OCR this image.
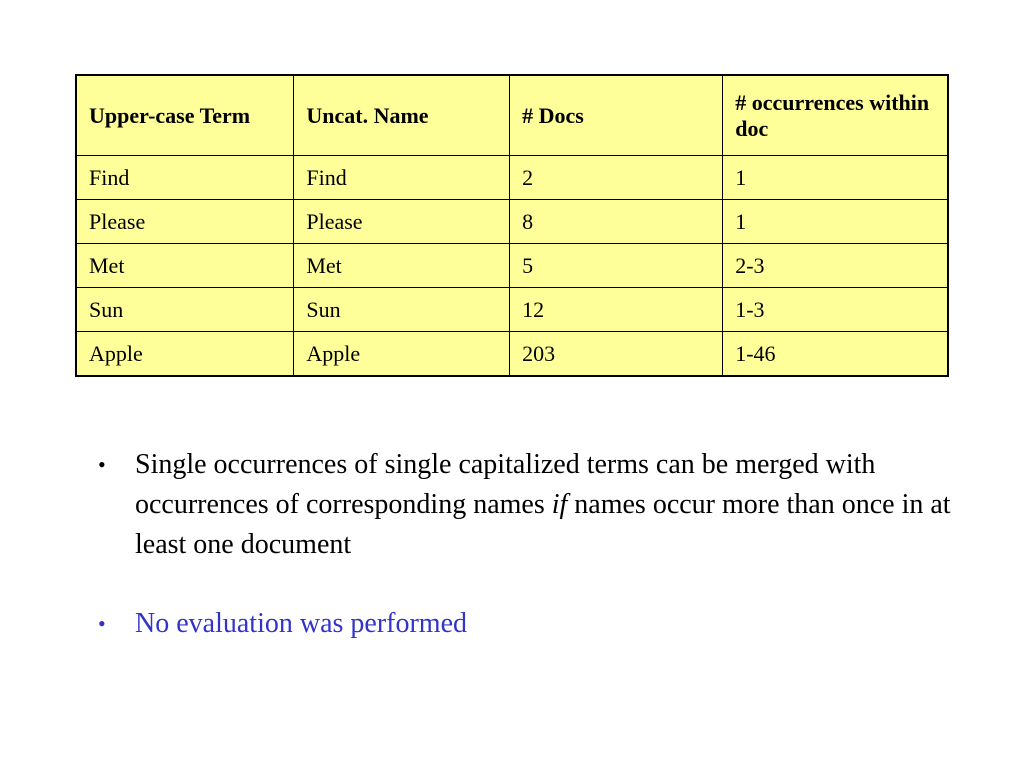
Upper-case Term	Uncat. Name	# Docs	# occurrences within doc
Find	Find	2	1
Please	Please	8	1
Met	Met	5	2-3
Sun	Sun	12	1-3
Apple	Apple	203	1-46
• Single occurrences of single capitalized terms can be merged with occurrences of corresponding names if names occur more than once in at least one document
• No evaluation was performed
